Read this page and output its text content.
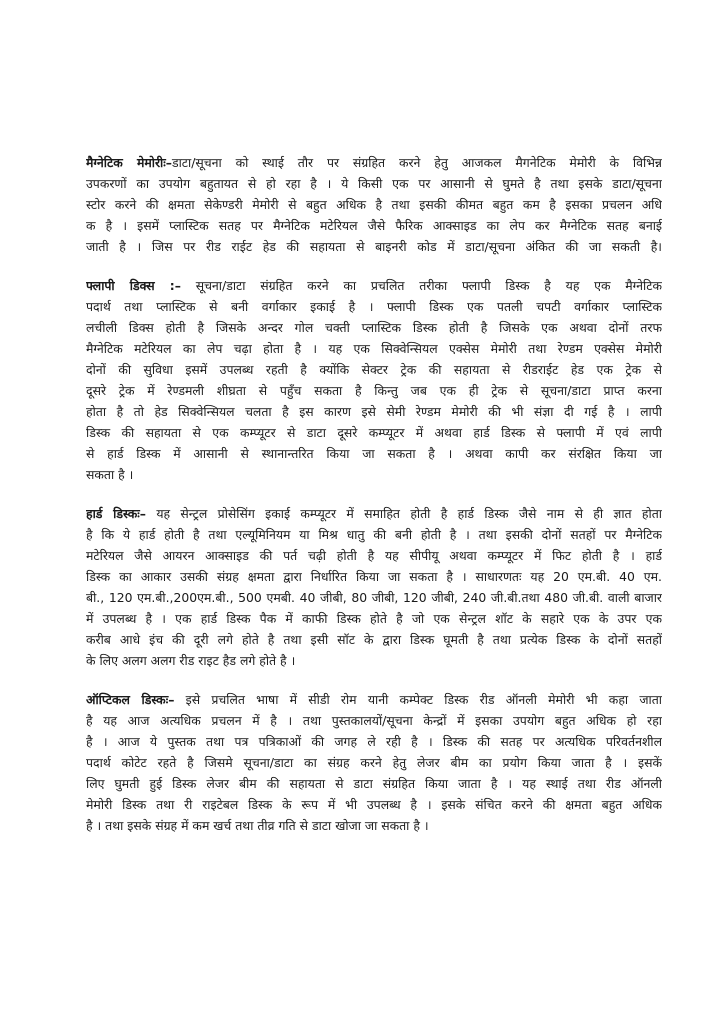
मैग्नेटिक मेमोरीः–डाटा/सूचना को स्थाई तौर पर संग्रहित करने हेतु आजकल मैगनेटिक मेमोरी के विभिन्न
उपकरणों का उपयोग बहुतायत से हो रहा है । ये किसी एक पर आसानी से घुमते है तथा इसके डाटा/सूचना
स्टोर करने की क्षमता सेकेण्डरी मेमोरी से बहुत अधिक है तथा इसकी कीमत बहुत कम है इसका प्रचलन अधि
क है । इसमें प्लास्टिक सतह पर मैग्नेटिक मटेरियल जैसे फैरिक आक्साइड का लेप कर मैग्नेटिक सतह बनाई
जाती है । जिस पर रीड राईट हेड की सहायता से बाइनरी कोड में डाटा/सूचना अंकित की जा सकती है।
फ्लापी डिक्स :– सूचना/डाटा संग्रहित करने का प्रचलित तरीका फ्लापी डिस्क है यह एक मैग्नेटिक
पदार्थ तथा प्लास्टिक से बनी वर्गाकार इकाई है । फ्लापी डिस्क एक पतली चपटी वर्गाकार प्लास्टिक
लचीली डिक्स होती है जिसके अन्दर गोल चक्ती प्लास्टिक डिस्क होती है जिसके एक अथवा दोनों तरफ
मैग्नेटिक मटेरियल का लेप चढ़ा होता है । यह एक सिक्वेन्सियल एक्सेस मेमोरी तथा रेण्डम एक्सेस मेमोरी
दोनों की सुविधा इसमें उपलब्ध रहती है क्योंकि सेक्टर ट्रेक की सहायता से रीडराईट हेड एक ट्रेक से
दूसरे ट्रेक में रेण्डमली शीघ्रता से पहुँच सकता है किन्तु जब एक ही ट्रेक से सूचना/डाटा प्राप्त करना
होता है तो हेड सिक्वेन्सियल चलता है इस कारण इसे सेमी रेण्डम मेमोरी की भी संज्ञा दी गई है । लापी
डिस्क की सहायता से एक कम्प्यूटर से डाटा दूसरे कम्प्यूटर में अथवा हार्ड डिस्क से फ्लापी में एवं लापी
से हार्ड डिस्क में आसानी से स्थानान्तरित किया जा सकता है । अथवा कापी कर संरक्षित किया जा
सकता है ।
हार्ड डिस्कः– यह सेन्ट्रल प्रोसेसिंग इकाई कम्प्यूटर में समाहित होती है हार्ड डिस्क जैसे नाम से ही ज्ञात होता
है कि ये हार्ड होती है तथा एल्यूमिनियम या मिश्र धातु की बनी होती है । तथा इसकी दोनों सतहों पर मैग्नेटिक
मटेरियल जैसे आयरन आक्साइड की पर्त चढ़ी होती है यह सीपीयू अथवा कम्प्यूटर में फिट होती है । हार्ड
डिस्क का आकार उसकी संग्रह क्षमता द्वारा निर्धारित किया जा सकता है । साधारणतः यह 20 एम.बी. 40 एम.
बी., 120 एम.बी.,200एम.बी., 500 एमबी. 40 जीबी, 80 जीबी, 120 जीबी, 240 जी.बी.तथा 480 जी.बी. वाली बाजार
में उपलब्ध है । एक हार्ड डिस्क पैक में काफी डिस्क होते है जो एक सेन्ट्रल शॉट के सहारे एक के उपर एक
करीब आधे इंच की दूरी लगे होते है तथा इसी सॉट के द्वारा डिस्क घूमती है तथा प्रत्येक डिस्क के दोनों सतहों
के लिए अलग अलग रीड राइट हैड लगे होते है ।
ऑप्टिकल डिस्कः– इसे प्रचलित भाषा में सीडी रोम यानी कम्पेक्ट डिस्क रीड ऑनली मेमोरी भी कहा जाता
है यह आज अत्यधिक प्रचलन में है । तथा पुस्तकालयों/सूचना केन्द्रों में इसका उपयोग बहुत अधिक हो रहा
है । आज ये पुस्तक तथा पत्र पत्रिकाओं की जगह ले रही है । डिस्क की सतह पर अत्यधिक परिवर्तनशील
पदार्थ कोटेट रहते है जिसमे सूचना/डाटा का संग्रह करने हेतु लेजर बीम का प्रयोग किया जाता है । इसकें
लिए घुमती हुई डिस्क लेजर बीम की सहायता से डाटा संग्रहित किया जाता है । यह स्थाई तथा रीड ऑनली
मेमोरी डिस्क तथा री राइटेबल डिस्क के रूप में भी उपलब्ध है । इसके संचित करने की क्षमता बहुत अधिक
है । तथा इसके संग्रह में कम खर्च तथा तीव्र गति से डाटा खोजा जा सकता है ।
